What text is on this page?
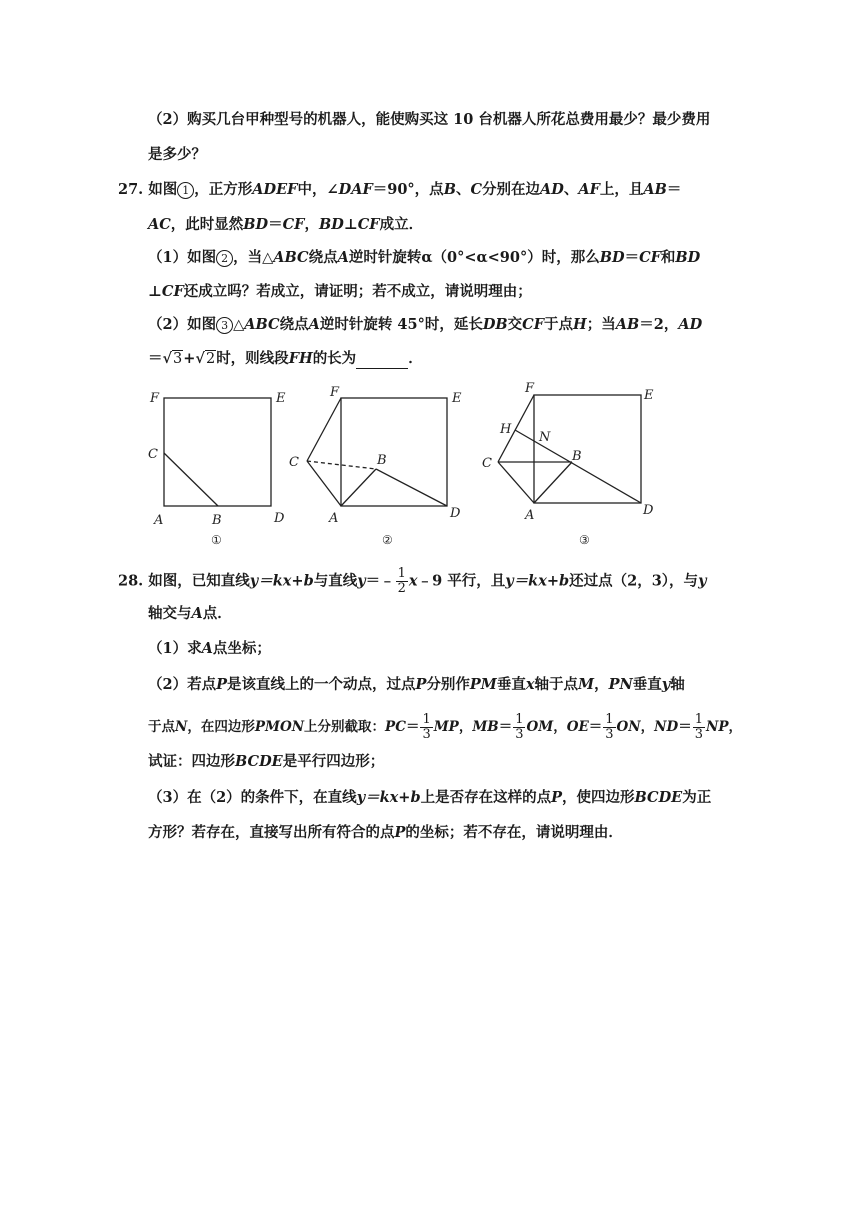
（2）购买几台甲种型号的机器人，能使购买这 10 台机器人所花总费用最少？最少费用
是多少？
27. 如图 1 ，正方形ADEF中，∠DAF＝90°，点B、C分别在边AD、AF上，且AB＝
AC，此时显然BD＝CF，BD⊥CF成立．
（1）如图 2 ，当△ABC绕点A逆时针旋转α（0°<α<90°）时，那么BD＝CF和BD
⊥CF还成立吗？若成立，请证明；若不成立，请说明理由；
（2）如图 3 △ABC绕点A逆时针旋转 45°时，延长DB交CF于点H；当AB＝2，AD
＝√3+√2时，则线段FH的长为	．
F	E
C
A	B	D
①
F	E
C	B
A	D
②
F	E
H
N
C	B
A	D
③
28. 如图，已知直线y＝kx+b与直线y＝﹣ $\frac{1}{2}$ x﹣9 平行，且y＝kx+b还过点（2，3），与y
轴交与A点．
（1）求A点坐标；
（2）若点P是该直线上的一个动点，过点P分别作PM垂直x轴于点M，PN垂直y轴
于点N，在四边形PMON上分别截取：$PC= \frac{1}{3}$ MP，$MB= \frac{1}{3}$ OM，$OE= \frac{1}{3}$ ON，$ND= \frac{1}{3}$ NP，
试证：四边形BCDE是平行四边形；
（3）在（2）的条件下，在直线y＝kx+b上是否存在这样的点P，使四边形BCDE为正
方形？若存在，直接写出所有符合的点P的坐标；若不存在，请说明理由．
